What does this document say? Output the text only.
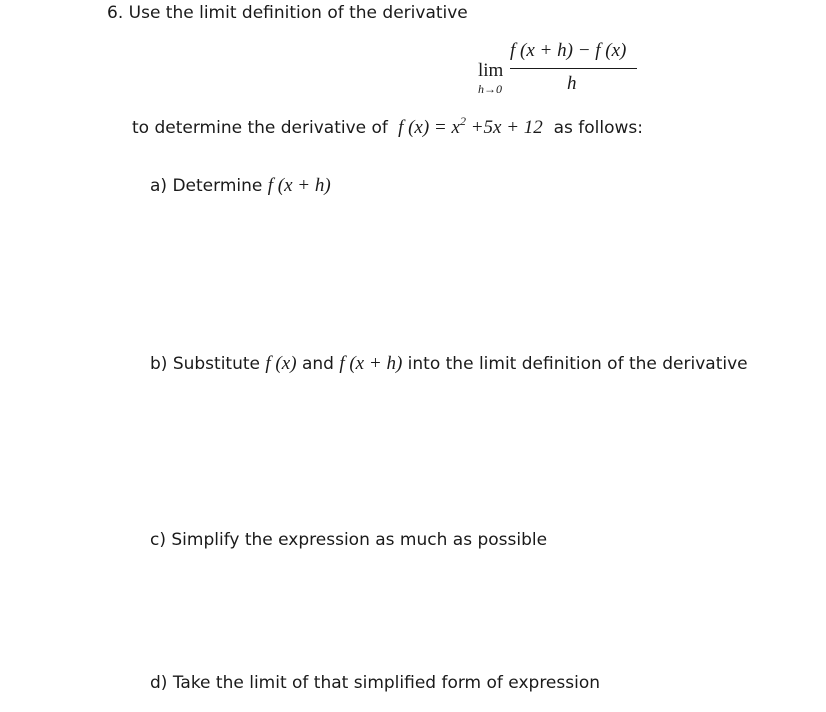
6. Use the limit definition of the derivative
lim
h→0
f (x + h) − f (x)
h
to determine the derivative of f $(x) = x^2 +5x + 12$ as follows:
a) Determine f (x + h)
b) Substitute f (x) and f (x + h) into the limit definition of the derivative
c) Simplify the expression as much as possible
d) Take the limit of that simplified form of expression
